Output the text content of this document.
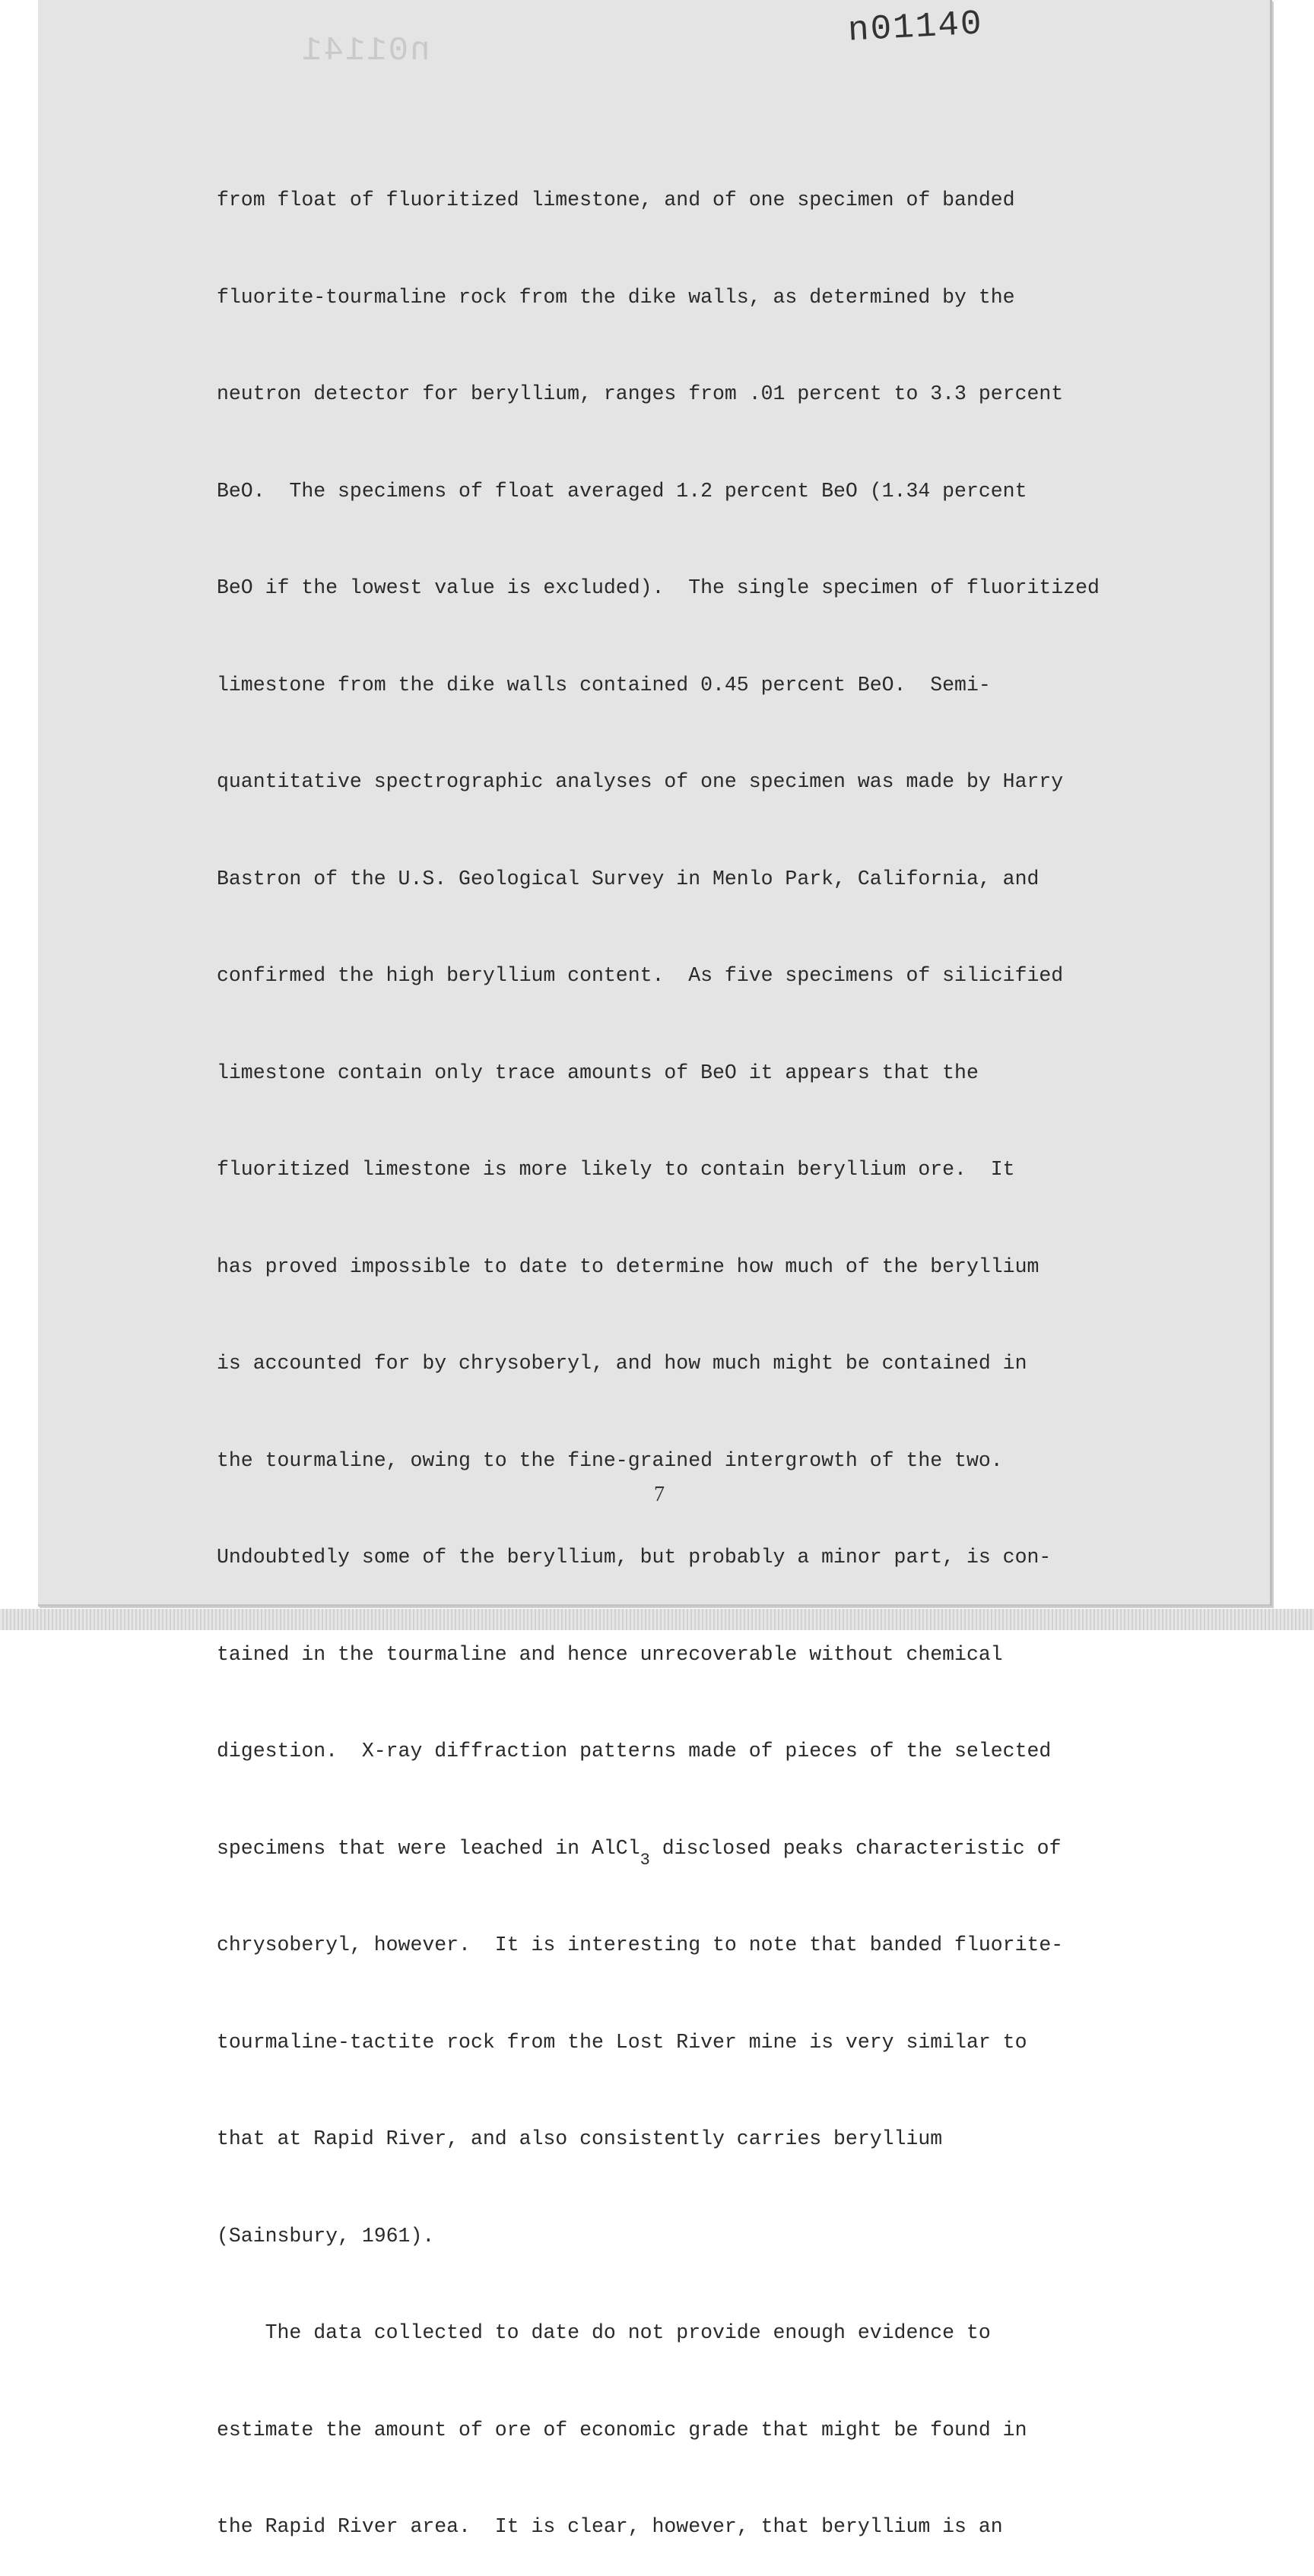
n01141
n01140

from float of fluoritized limestone, and of one specimen of banded

fluorite-tourmaline rock from the dike walls, as determined by the

neutron detector for beryllium, ranges from .01 percent to 3.3 percent

BeO.  The specimens of float averaged 1.2 percent BeO (1.34 percent

BeO if the lowest value is excluded).  The single specimen of fluoritized

limestone from the dike walls contained 0.45 percent BeO.  Semi-

quantitative spectrographic analyses of one specimen was made by Harry

Bastron of the U.S. Geological Survey in Menlo Park, California, and

confirmed the high beryllium content.  As five specimens of silicified

limestone contain only trace amounts of BeO it appears that the

fluoritized limestone is more likely to contain beryllium ore.  It

has proved impossible to date to determine how much of the beryllium

is accounted for by chrysoberyl, and how much might be contained in

the tourmaline, owing to the fine-grained intergrowth of the two.

Undoubtedly some of the beryllium, but probably a minor part, is con-

tained in the tourmaline and hence unrecoverable without chemical

digestion.  X-ray diffraction patterns made of pieces of the selected

specimens that were leached in AlCl$_3$ disclosed peaks characteristic of

chrysoberyl, however.  It is interesting to note that banded fluorite-

tourmaline-tactite rock from the Lost River mine is very similar to

that at Rapid River, and also consistently carries beryllium

(Sainsbury, 1961).

The data collected to date do not provide enough evidence to

estimate the amount of ore of economic grade that might be found in

the Rapid River area.  It is clear, however, that beryllium is an

7
